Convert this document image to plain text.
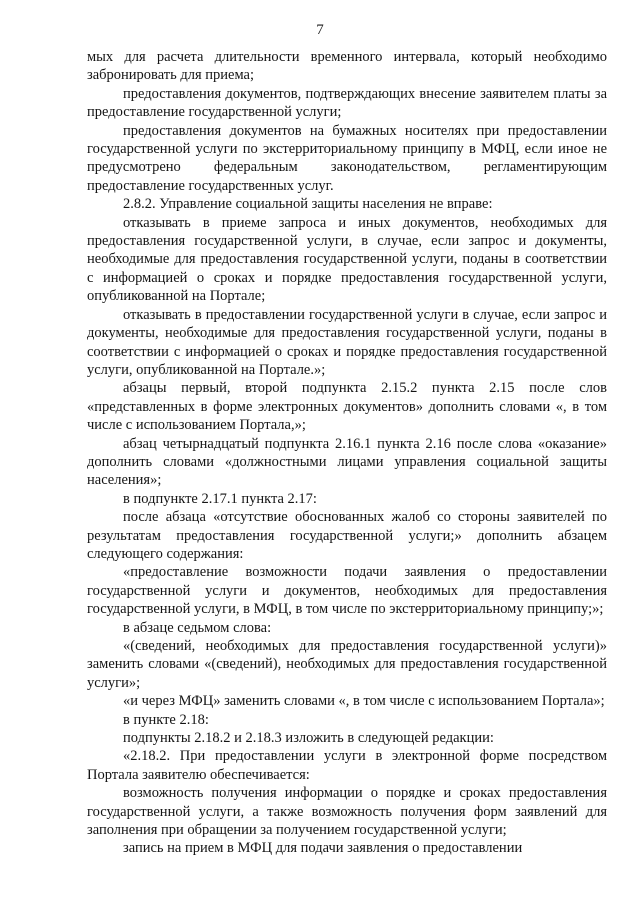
7

мых для расчета длительности временного интервала, который необходимо забронировать для приема;

предоставления документов, подтверждающих внесение заявителем платы за предоставление государственной услуги;

предоставления документов на бумажных носителях при предоставлении государственной услуги по экстерриториальному принципу в МФЦ, если иное не предусмотрено федеральным законодательством, регламентирующим предоставление государственных услуг.

2.8.2. Управление социальной защиты населения не вправе:

отказывать в приеме запроса и иных документов, необходимых для предоставления государственной услуги, в случае, если запрос и документы, необходимые для предоставления государственной услуги, поданы в соответствии с информацией о сроках и порядке предоставления государственной услуги, опубликованной на Портале;

отказывать в предоставлении государственной услуги в случае, если запрос и документы, необходимые для предоставления государственной услуги, поданы в соответствии с информацией о сроках и порядке предоставления государственной услуги, опубликованной на Портале.»;

абзацы первый, второй подпункта 2.15.2 пункта 2.15 после слов «представленных в форме электронных документов» дополнить словами «, в том числе с использованием Портала,»;

абзац четырнадцатый подпункта 2.16.1 пункта 2.16 после слова «оказание» дополнить словами «должностными лицами управления социальной защиты населения»;

в подпункте 2.17.1 пункта 2.17:

после абзаца «отсутствие обоснованных жалоб со стороны заявителей по результатам предоставления государственной услуги;» дополнить абзацем следующего содержания:

«предоставление возможности подачи заявления о предоставлении государственной услуги и документов, необходимых для предоставления государственной услуги, в МФЦ, в том числе по экстерриториальному принципу;»;

в абзаце седьмом слова:

«(сведений, необходимых для предоставления государственной услуги)» заменить словами «(сведений), необходимых для предоставления государственной услуги»;

«и через МФЦ» заменить словами «, в том числе с использованием Портала»;

в пункте 2.18:

подпункты 2.18.2 и 2.18.3 изложить в следующей редакции:

«2.18.2. При предоставлении услуги в электронной форме посредством Портала заявителю обеспечивается:

возможность получения информации о порядке и сроках предоставления государственной услуги, а также возможность получения форм заявлений для заполнения при обращении за получением государственной услуги;

запись на прием в МФЦ для подачи заявления о предоставлении
